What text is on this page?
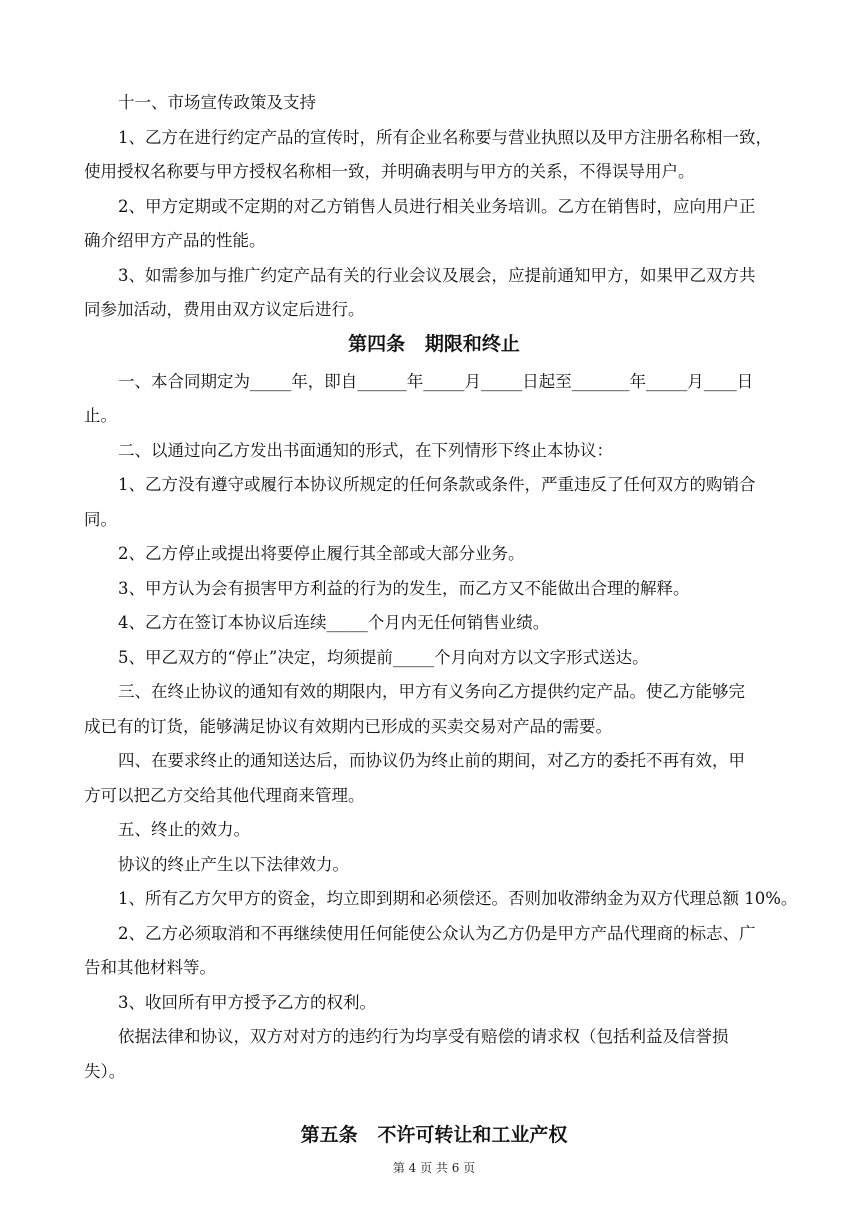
十一、市场宣传政策及支持
1、乙方在进行约定产品的宣传时，所有企业名称要与营业执照以及甲方注册名称相一致，
使用授权名称要与甲方授权名称相一致，并明确表明与甲方的关系，不得误导用户。
2、甲方定期或不定期的对乙方销售人员进行相关业务培训。乙方在销售时，应向用户正
确介绍甲方产品的性能。
3、如需参加与推广约定产品有关的行业会议及展会，应提前通知甲方，如果甲乙双方共
同参加活动，费用由双方议定后进行。
第四条   期限和终止
一、本合同期定为_____年，即自______年_____月_____日起至_______年_____月____日
止。
二、以通过向乙方发出书面通知的形式，在下列情形下终止本协议：
1、乙方没有遵守或履行本协议所规定的任何条款或条件，严重违反了任何双方的购销合
同。
2、乙方停止或提出将要停止履行其全部或大部分业务。
3、甲方认为会有损害甲方利益的行为的发生，而乙方又不能做出合理的解释。
4、乙方在签订本协议后连续_____个月内无任何销售业绩。
5、甲乙双方的“停止”决定，均须提前_____个月向对方以文字形式送达。
三、在终止协议的通知有效的期限内，甲方有义务向乙方提供约定产品。使乙方能够完
成已有的订货，能够满足协议有效期内已形成的买卖交易对产品的需要。
四、在要求终止的通知送达后，而协议仍为终止前的期间，对乙方的委托不再有效，甲
方可以把乙方交给其他代理商来管理。
五、终止的效力。
协议的终止产生以下法律效力。
1、所有乙方欠甲方的资金，均立即到期和必须偿还。否则加收滞纳金为双方代理总额 10%。
2、乙方必须取消和不再继续使用任何能使公众认为乙方仍是甲方产品代理商的标志、广
告和其他材料等。
3、收回所有甲方授予乙方的权利。
依据法律和协议，双方对对方的违约行为均享受有赔偿的请求权（包括利益及信誉损
失）。
第五条   不许可转让和工业产权
第 4 页 共 6 页
